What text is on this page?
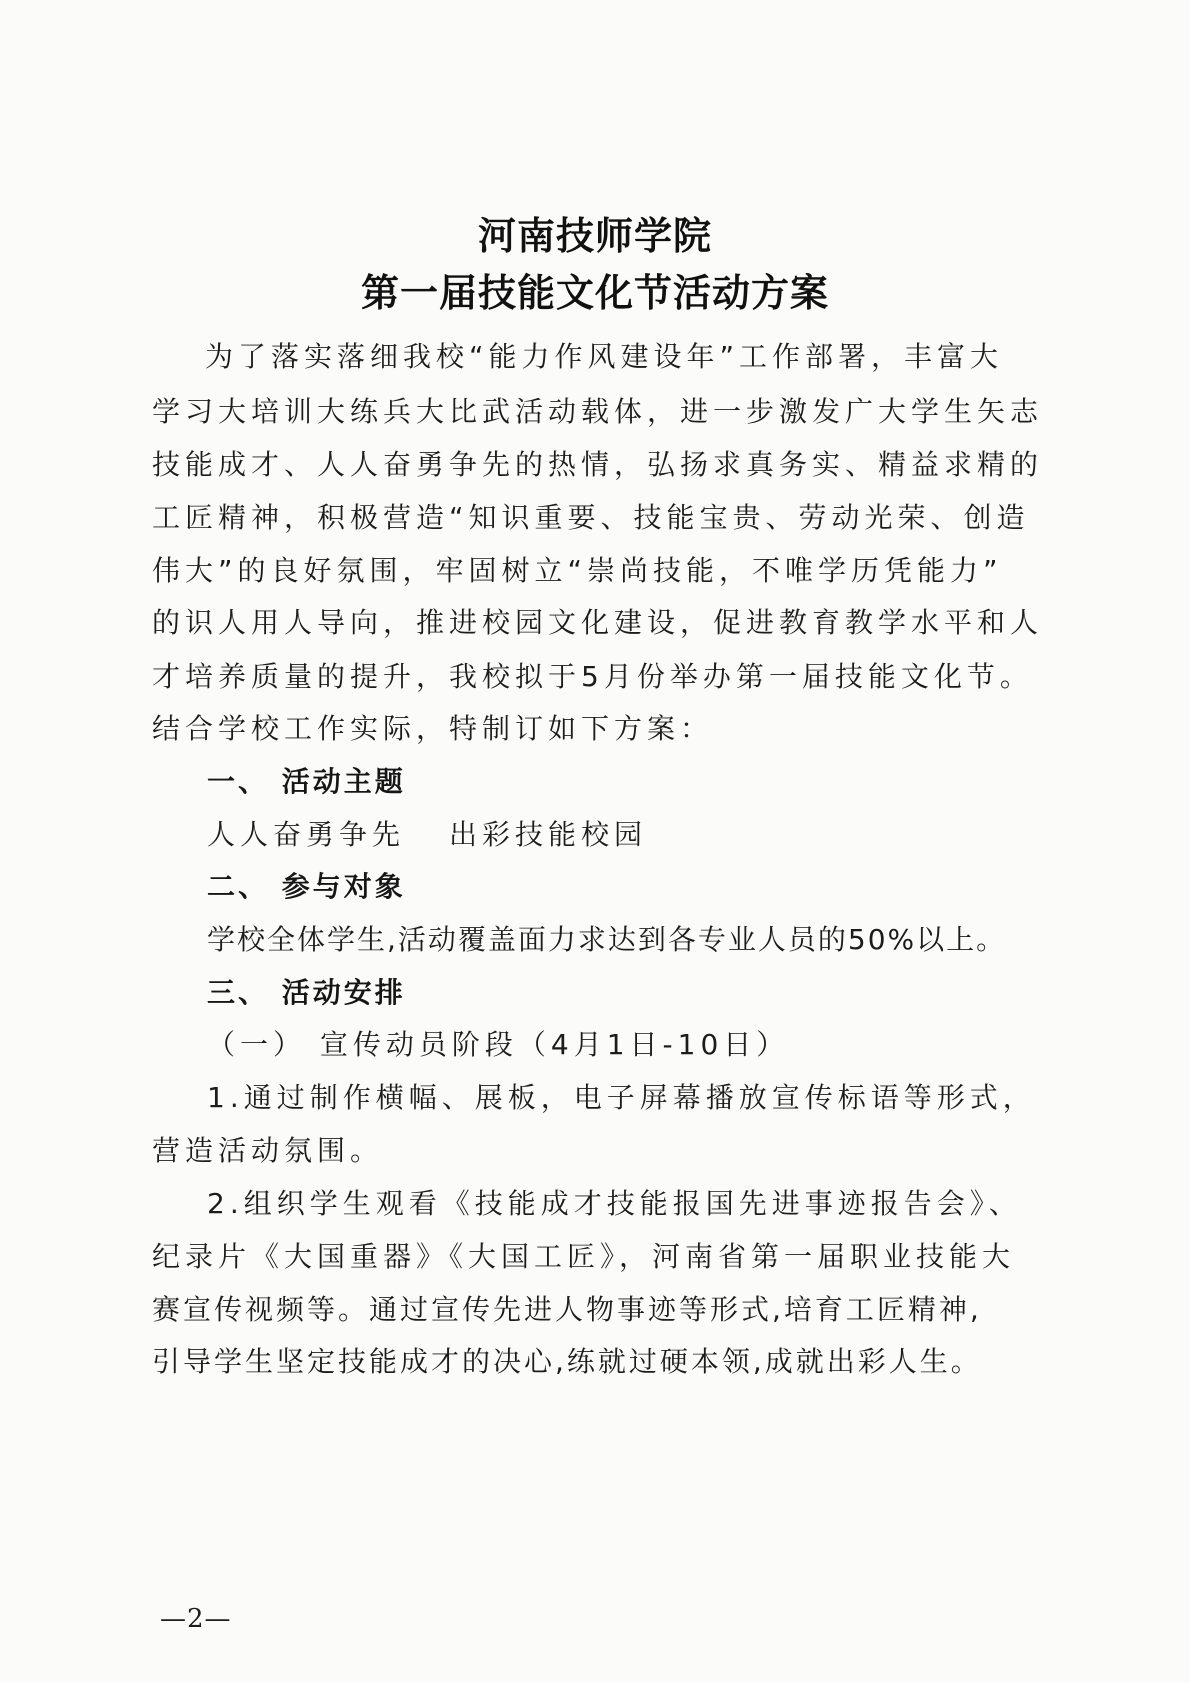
河南技师学院
第一届技能文化节活动方案
为了落实落细我校“能力作风建设年”工作部署，丰富大
学习大培训大练兵大比武活动载体，进一步激发广大学生矢志
技能成才、人人奋勇争先的热情，弘扬求真务实、精益求精的
工匠精神，积极营造“知识重要、技能宝贵、劳动光荣、创造
伟大”的良好氛围，牢固树立“崇尚技能，不唯学历凭能力”
的识人用人导向，推进校园文化建设，促进教育教学水平和人
才培养质量的提升，我校拟于5月份举办第一届技能文化节。
结合学校工作实际，特制订如下方案：
一、 活动主题
人人奋勇争先 出彩技能校园
二、 参与对象
学校全体学生,活动覆盖面力求达到各专业人员的50%以上。
三、 活动安排
（一） 宣传动员阶段（4月1日-10日）
1.通过制作横幅、展板，电子屏幕播放宣传标语等形式，
营造活动氛围。
2.组织学生观看《技能成才技能报国先进事迹报告会》、
纪录片《大国重器》《大国工匠》，河南省第一届职业技能大
赛宣传视频等。通过宣传先进人物事迹等形式,培育工匠精神,
引导学生坚定技能成才的决心,练就过硬本领,成就出彩人生。
—2—
